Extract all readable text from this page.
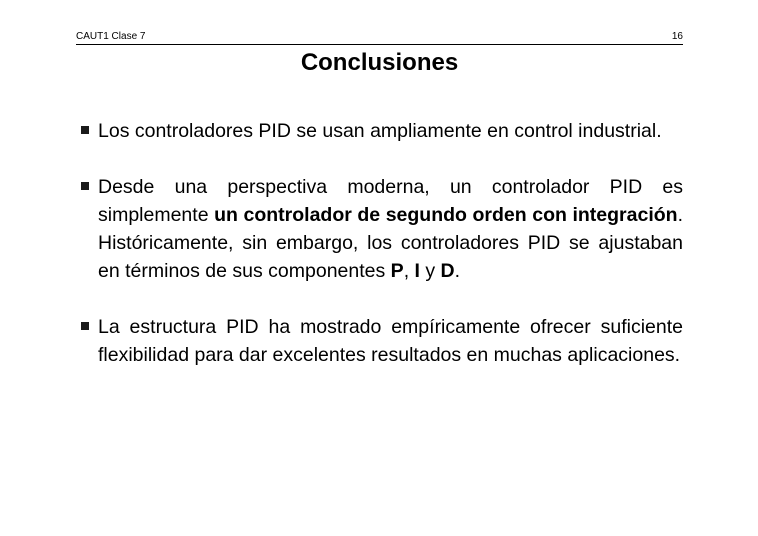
CAUT1 Clase 7	16
Conclusiones
Los controladores PID se usan ampliamente en control industrial.
Desde una perspectiva moderna, un controlador PID es simplemente un controlador de segundo orden con integración. Históricamente, sin embargo, los controladores PID se ajustaban en términos de sus componentes P, I y D.
La estructura PID ha mostrado empíricamente ofrecer suficiente flexibilidad para dar excelentes resultados en muchas aplicaciones.
